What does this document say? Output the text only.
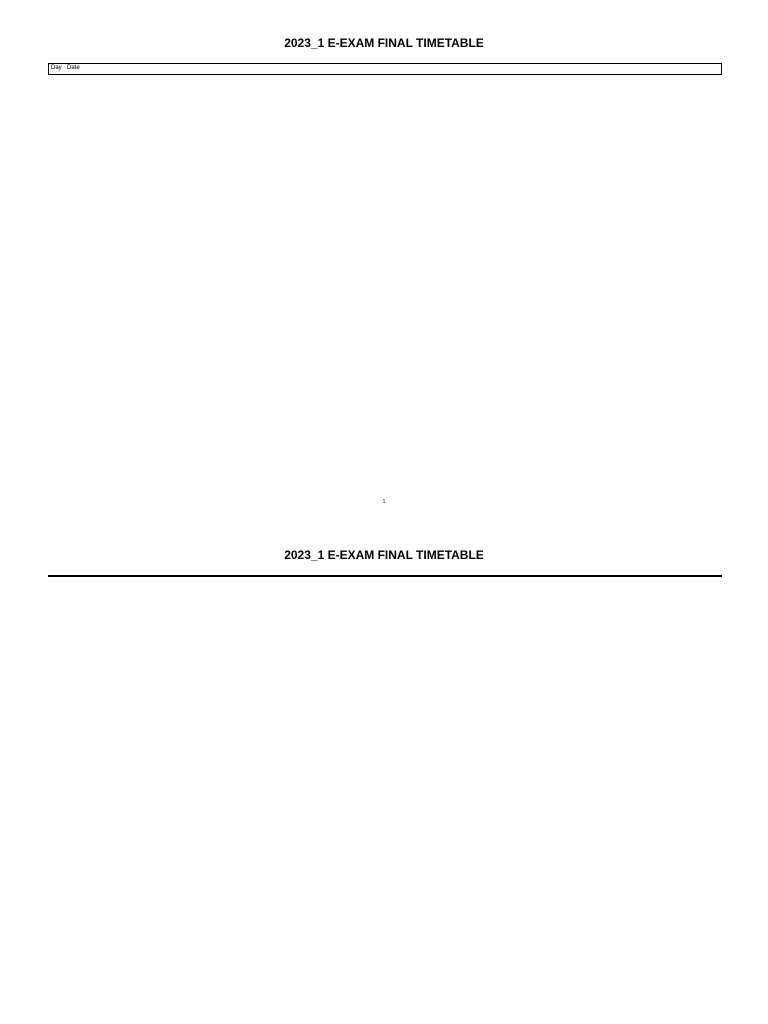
2023_1 E-EXAM FINAL TIMETABLE
Day Date
1
2023_1 E-EXAM FINAL TIMETABLE
